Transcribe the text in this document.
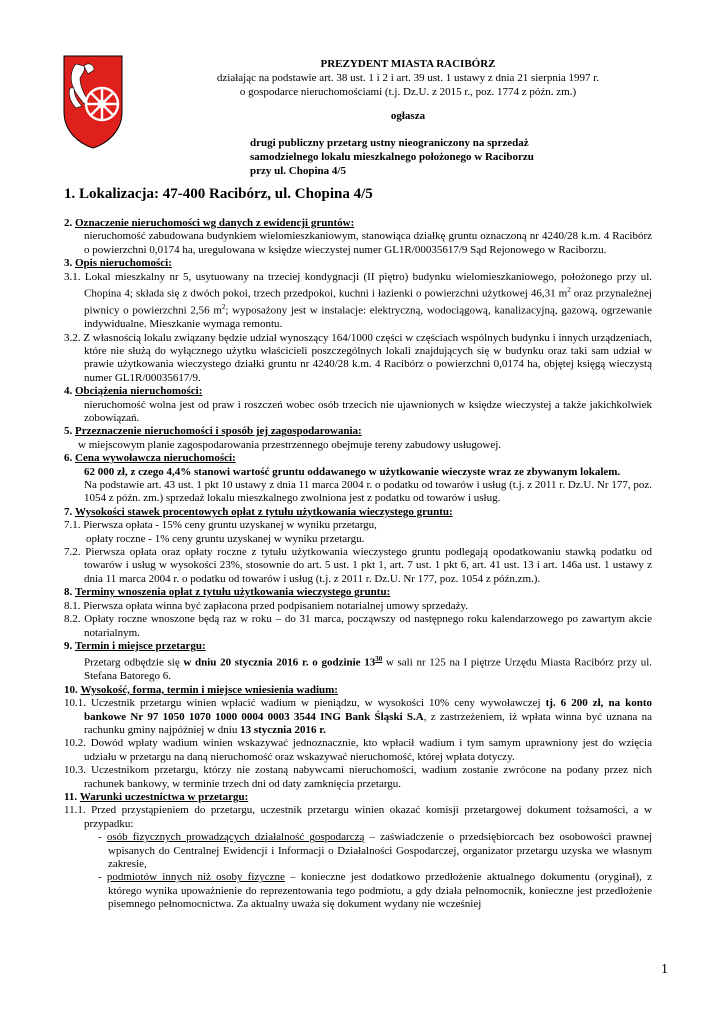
PREZYDENT MIASTA RACIBÓRZ
działając na podstawie art. 38 ust. 1 i 2 i art. 39 ust. 1 ustawy z dnia 21 sierpnia 1997 r.
o gospodarce nieruchomościami (t.j. Dz.U. z 2015 r., poz. 1774 z późn. zm.)
ogłasza
drugi publiczny przetarg ustny nieograniczony na sprzedaż
samodzielnego lokalu mieszkalnego położonego w Raciborzu
przy ul. Chopina 4/5
1. Lokalizacja: 47-400 Racibórz, ul. Chopina 4/5

2. Oznaczenie nieruchomości wg danych z ewidencji gruntów:

nieruchomość zabudowana budynkiem wielomieszkaniowym, stanowiąca działkę gruntu oznaczoną nr 4240/28 k.m. 4 Racibórz o powierzchni 0,0174 ha, uregulowana w księdze wieczystej numer GL1R/00035617/9 Sąd Rejonowego w Raciborzu.

3. Opis nieruchomości:

3.1. Lokal mieszkalny nr 5, usytuowany na trzeciej kondygnacji (II piętro) budynku wielomieszkaniowego, położonego przy ul. Chopina 4; składa się z dwóch pokoi, trzech przedpokoi, kuchni i łazienki o powierzchni użytkowej 46,31 $m^2$ oraz przynależnej piwnicy o powierzchni 2,56 $m^2$; wyposażony jest w instalacje: elektryczną, wodociągową, kanalizacyjną, gazową, ogrzewanie indywidualne. Mieszkanie wymaga remontu.

3.2. Z własnością lokalu związany będzie udział wynoszący 164/1000 części w częściach wspólnych budynku i innych urządzeniach, które nie służą do wyłącznego użytku właścicieli poszczególnych lokali znajdujących się w budynku oraz taki sam udział w prawie użytkowania wieczystego działki gruntu nr 4240/28 k.m. 4 Racibórz o powierzchni 0,0174 ha, objętej księgą wieczystą numer GL1R/00035617/9.

4. Obciążenia nieruchomości:

nieruchomość wolna jest od praw i roszczeń wobec osób trzecich nie ujawnionych w księdze wieczystej a także jakichkolwiek zobowiązań.

5. Przeznaczenie nieruchomości i sposób jej zagospodarowania:

w miejscowym planie zagospodarowania przestrzennego obejmuje tereny zabudowy usługowej.

6. Cena wywoławcza nieruchomości:

62 000 zł, z czego 4,4% stanowi wartość gruntu oddawanego w użytkowanie wieczyste wraz ze zbywanym lokalem.

Na podstawie art. 43 ust. 1 pkt 10 ustawy z dnia 11 marca 2004 r. o podatku od towarów i usług (t.j. z 2011 r. Dz.U. Nr 177, poz. 1054 z późn. zm.) sprzedaż lokalu mieszkalnego zwolniona jest z podatku od towarów i usług.

7. Wysokości stawek procentowych opłat z tytułu użytkowania wieczystego gruntu:

7.1. Pierwsza opłata - 15% ceny gruntu uzyskanej w wyniku przetargu,

opłaty roczne - 1% ceny gruntu uzyskanej w wyniku przetargu.

7.2. Pierwsza opłata oraz opłaty roczne z tytułu użytkowania wieczystego gruntu podlegają opodatkowaniu stawką podatku od towarów i usług w wysokości 23%, stosownie do art. 5 ust. 1 pkt 1, art. 7 ust. 1 pkt 6, art. 41 ust. 13 i art. 146a ust. 1 ustawy z dnia 11 marca 2004 r. o podatku od towarów i usług (t.j. z 2011 r. Dz.U. Nr 177, poz. 1054 z późn.zm.).

8. Terminy wnoszenia opłat z tytułu użytkowania wieczystego gruntu:

8.1. Pierwsza opłata winna być zapłacona przed podpisaniem notarialnej umowy sprzedaży.

8.2. Opłaty roczne wnoszone będą raz w roku – do 31 marca, począwszy od następnego roku kalendarzowego po zawartym akcie notarialnym.

9. Termin i miejsce przetargu:

Przetarg odbędzie się w dniu 20 stycznia 2016 r. o godzinie $13^{30}$ w sali nr 125 na I piętrze Urzędu Miasta Racibórz przy ul. Stefana Batorego 6.

10. Wysokość, forma, termin i miejsce wniesienia wadium:

10.1. Uczestnik przetargu winien wpłacić wadium w pieniądzu, w wysokości 10% ceny wywoławczej tj. 6 200 zł, na konto bankowe Nr 97 1050 1070 1000 0004 0003 3544 ING Bank Śląski S.A, z zastrzeżeniem, iż wpłata winna być uznana na rachunku gminy najpóźniej w dniu 13 stycznia 2016 r.

10.2. Dowód wpłaty wadium winien wskazywać jednoznacznie, kto wpłacił wadium i tym samym uprawniony jest do wzięcia udziału w przetargu na daną nieruchomość oraz wskazywać nieruchomość, której wpłata dotyczy.

10.3. Uczestnikom przetargu, którzy nie zostaną nabywcami nieruchomości, wadium zostanie zwrócone na podany przez nich rachunek bankowy, w terminie trzech dni od daty zamknięcia przetargu.

11. Warunki uczestnictwa w przetargu:

11.1. Przed przystąpieniem do przetargu, uczestnik przetargu winien okazać komisji przetargowej dokument tożsamości, a w przypadku:

- osób fizycznych prowadzących działalność gospodarczą – zaświadczenie o przedsiębiorcach bez osobowości prawnej wpisanych do Centralnej Ewidencji i Informacji o Działalności Gospodarczej, organizator przetargu uzyska we własnym zakresie,

- podmiotów innych niż osoby fizyczne – konieczne jest dodatkowo przedłożenie aktualnego dokumentu (oryginał), z którego wynika upoważnienie do reprezentowania tego podmiotu, a gdy działa pełnomocnik, konieczne jest przedłożenie pisemnego pełnomocnictwa. Za aktualny uważa się dokument wydany nie wcześniej

1
